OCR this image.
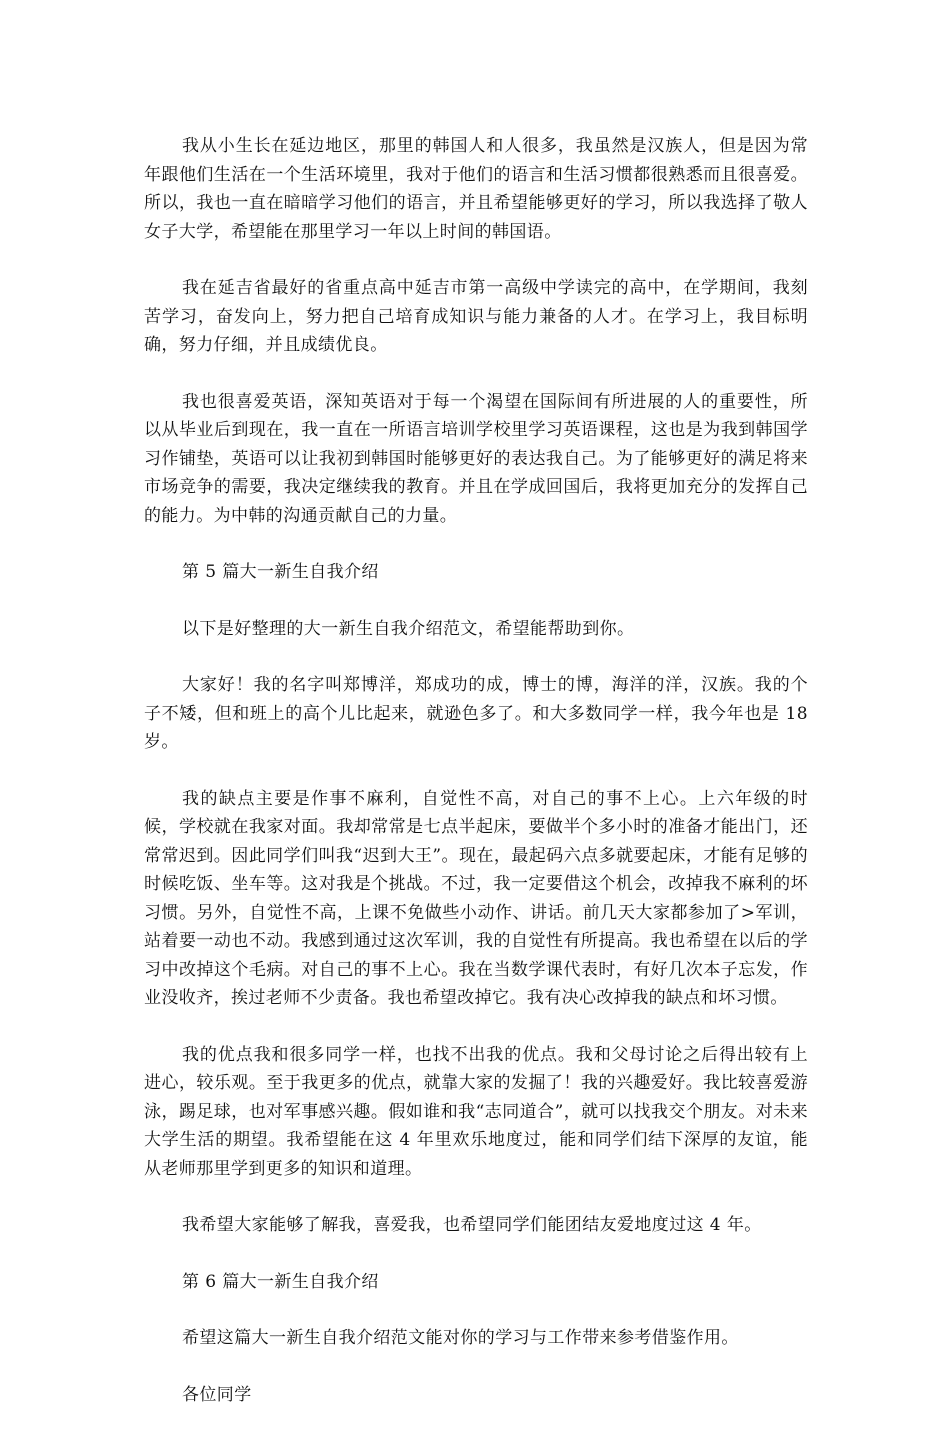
我从小生长在延边地区，那里的韩国人和人很多，我虽然是汉族人，但是因为常年跟他们生活在一个生活环境里，我对于他们的语言和生活习惯都很熟悉而且很喜爱。所以，我也一直在暗暗学习他们的语言，并且希望能够更好的学习，所以我选择了敬人女子大学，希望能在那里学习一年以上时间的韩国语。

我在延吉省最好的省重点高中延吉市第一高级中学读完的高中，在学期间，我刻苦学习，奋发向上，努力把自己培育成知识与能力兼备的人才。在学习上，我目标明确，努力仔细，并且成绩优良。

我也很喜爱英语，深知英语对于每一个渴望在国际间有所进展的人的重要性，所以从毕业后到现在，我一直在一所语言培训学校里学习英语课程，这也是为我到韩国学习作铺垫，英语可以让我初到韩国时能够更好的表达我自己。为了能够更好的满足将来市场竞争的需要，我决定继续我的教育。并且在学成回国后，我将更加充分的发挥自己的能力。为中韩的沟通贡献自己的力量。

第 5 篇大一新生自我介绍

以下是好整理的大一新生自我介绍范文，希望能帮助到你。

大家好！我的名字叫郑博洋，郑成功的成，博士的博，海洋的洋，汉族。我的个子不矮，但和班上的高个儿比起来，就逊色多了。和大多数同学一样，我今年也是 18 岁。

我的缺点主要是作事不麻利，自觉性不高，对自己的事不上心。上六年级的时候，学校就在我家对面。我却常常是七点半起床，要做半个多小时的准备才能出门，还常常迟到。因此同学们叫我“迟到大王”。现在，最起码六点多就要起床，才能有足够的时候吃饭、坐车等。这对我是个挑战。不过，我一定要借这个机会，改掉我不麻利的坏习惯。另外，自觉性不高，上课不免做些小动作、讲话。前几天大家都参加了>军训，站着要一动也不动。我感到通过这次军训，我的自觉性有所提高。我也希望在以后的学习中改掉这个毛病。对自己的事不上心。我在当数学课代表时，有好几次本子忘发，作业没收齐，挨过老师不少责备。我也希望改掉它。我有决心改掉我的缺点和坏习惯。

我的优点我和很多同学一样，也找不出我的优点。我和父母讨论之后得出较有上进心，较乐观。至于我更多的优点，就靠大家的发掘了！我的兴趣爱好。我比较喜爱游泳，踢足球，也对军事感兴趣。假如谁和我“志同道合”，就可以找我交个朋友。对未来大学生活的期望。我希望能在这 4 年里欢乐地度过，能和同学们结下深厚的友谊，能从老师那里学到更多的知识和道理。

我希望大家能够了解我，喜爱我，也希望同学们能团结友爱地度过这 4 年。

第 6 篇大一新生自我介绍

希望这篇大一新生自我介绍范文能对你的学习与工作带来参考借鉴作用。

各位同学
